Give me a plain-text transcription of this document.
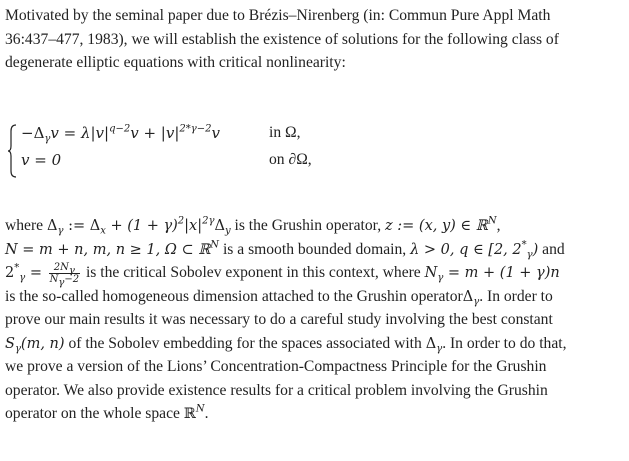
Motivated by the seminal paper due to Brézis–Nirenberg (in: Commun Pure Appl Math
36:437–477, 1983), we will establish the existence of solutions for the following class of
degenerate elliptic equations with critical nonlinearity:
$-\Delta_\gamma v = \lambda|v|^{q-2}v + |v|^{2*\gamma-2}v$
v = 0
in Ω,
on ∂Ω,
where $\Delta_\gamma$ := $\Delta_x + (1 + \gamma)^2|x|^{2\gamma}\Delta_y$ is the Grushin operator, z := (x, y) ∈ ℝ$^N$,
N = m + n, m, n ≥ 1, Ω ⊂ ℝ$^N$ is a smooth bounded domain, λ > 0, q ∈ [2, $2^*_\gamma$) and
$2^*_\gamma = \frac{2N_\gamma}{N_\gamma-2}$ is the critical Sobolev exponent in this context, where $N_\gamma = m + (1 + \gamma)n$
is the so-called homogeneous dimension attached to the Grushin operatorΔ$_\gamma$. In order to
prove our main results it was necessary to do a careful study involving the best constant
$S_\gamma(m$, n) of the Sobolev embedding for the spaces associated with $\Delta_\gamma$. In order to do that,
we prove a version of the Lions’ Concentration-Compactness Principle for the Grushin
operator. We also provide existence results for a critical problem involving the Grushin
operator on the whole space ℝ$^N$.
